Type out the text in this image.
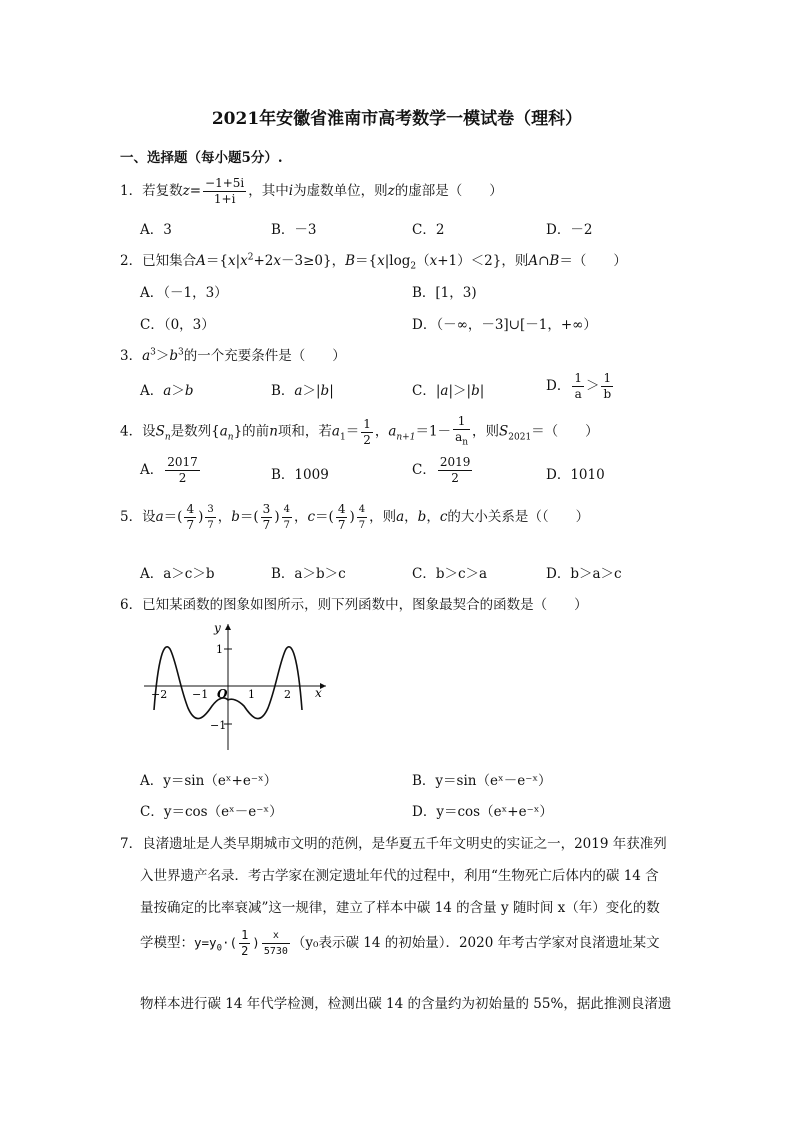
2021年安徽省淮南市高考数学一模试卷（理科）
一、选择题（每小题5分）.
1．若复数$z= \frac{-1+5i}{1+i}$ ，其中i为虚数单位，则z的虚部是（　　）
A．3	B．－3	C．2	D．－2
2．已知集合$A=\{x|x^2+2x-3\ge 0\}$，$B=\{x|\log_2(x+1)<2\}$，则A∩B＝（　　）
A．（－1，3）	B．[1，3)
C．（0，3）	D．（－∞，－3]∪[－1，+∞）
3．$a^3>b^3$的一个充要条件是（　　）
A．a＞b	B．a＞|b|	C．|a|＞|b|	D． $\frac{1}{a} > \frac{1}{b}$
4．设$S_n$是数列$\{a_n\}$的前n项和，若$a_1= \frac{1}{2}$ ，$a_{n+1}=1- \frac{1}{a_n}$ ，则$S_{2021}=$（　　）
A． $\frac{2017}{2}$	B．1009	C． $\frac{2019}{2}$	D．1010
5．设$a=( \frac{4}{7}$ ) $\frac{3}{7}$ ，$b=( \frac{3}{7}$ ) $\frac{4}{7}$ ，$c=( \frac{4}{7}$ ) $\frac{4}{7}$ ，则a，b，c的大小关系是（（　　）
A．a＞c＞b	B．a＞b＞c	C．b＞c＞a	D．b＞a＞c
6．已知某函数的图象如图所示，则下列函数中，图象最契合的函数是（　　）
y
x
O
−2 −1	1	2
1
−1
A．y＝sin（eˣ+e⁻ˣ）	B．y＝sin（eˣ－e⁻ˣ）
C．y＝cos（eˣ－e⁻ˣ）	D．y＝cos（eˣ+e⁻ˣ）
7．良渚遗址是人类早期城市文明的范例，是华夏五千年文明史的实证之一，2019 年获准列
入世界遗产名录．考古学家在测定遗址年代的过程中，利用“生物死亡后体内的碳 14 含
量按确定的比率衰减”这一规律，建立了样本中碳 14 的含量 y 随时间 x（年）变化的数
学模型：$y=y_0\cdot( \frac{1}{2}$ ) $\frac{x}{5730} (y_0$表示碳 14 的初始量）．2020 年考古学家对良渚遗址某文
物样本进行碳 14 年代学检测，检测出碳 14 的含量约为初始量的 55%，据此推测良渚遗
